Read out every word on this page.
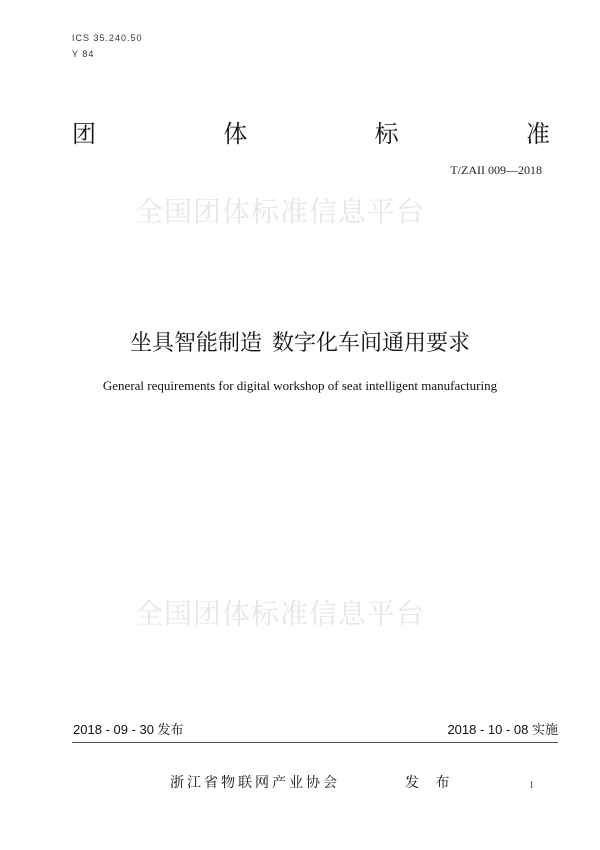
ICS 35.240.50
Y 84
团	体	标	准
T/ZAII 009—2018
全国团体标准信息平台
坐具智能制造 数字化车间通用要求
General requirements for digital workshop of seat intelligent manufacturing
全国团体标准信息平台
2018 - 09 - 30 发布	2018 - 10 - 08 实施
浙江省物联网产业协会	发 布	I
